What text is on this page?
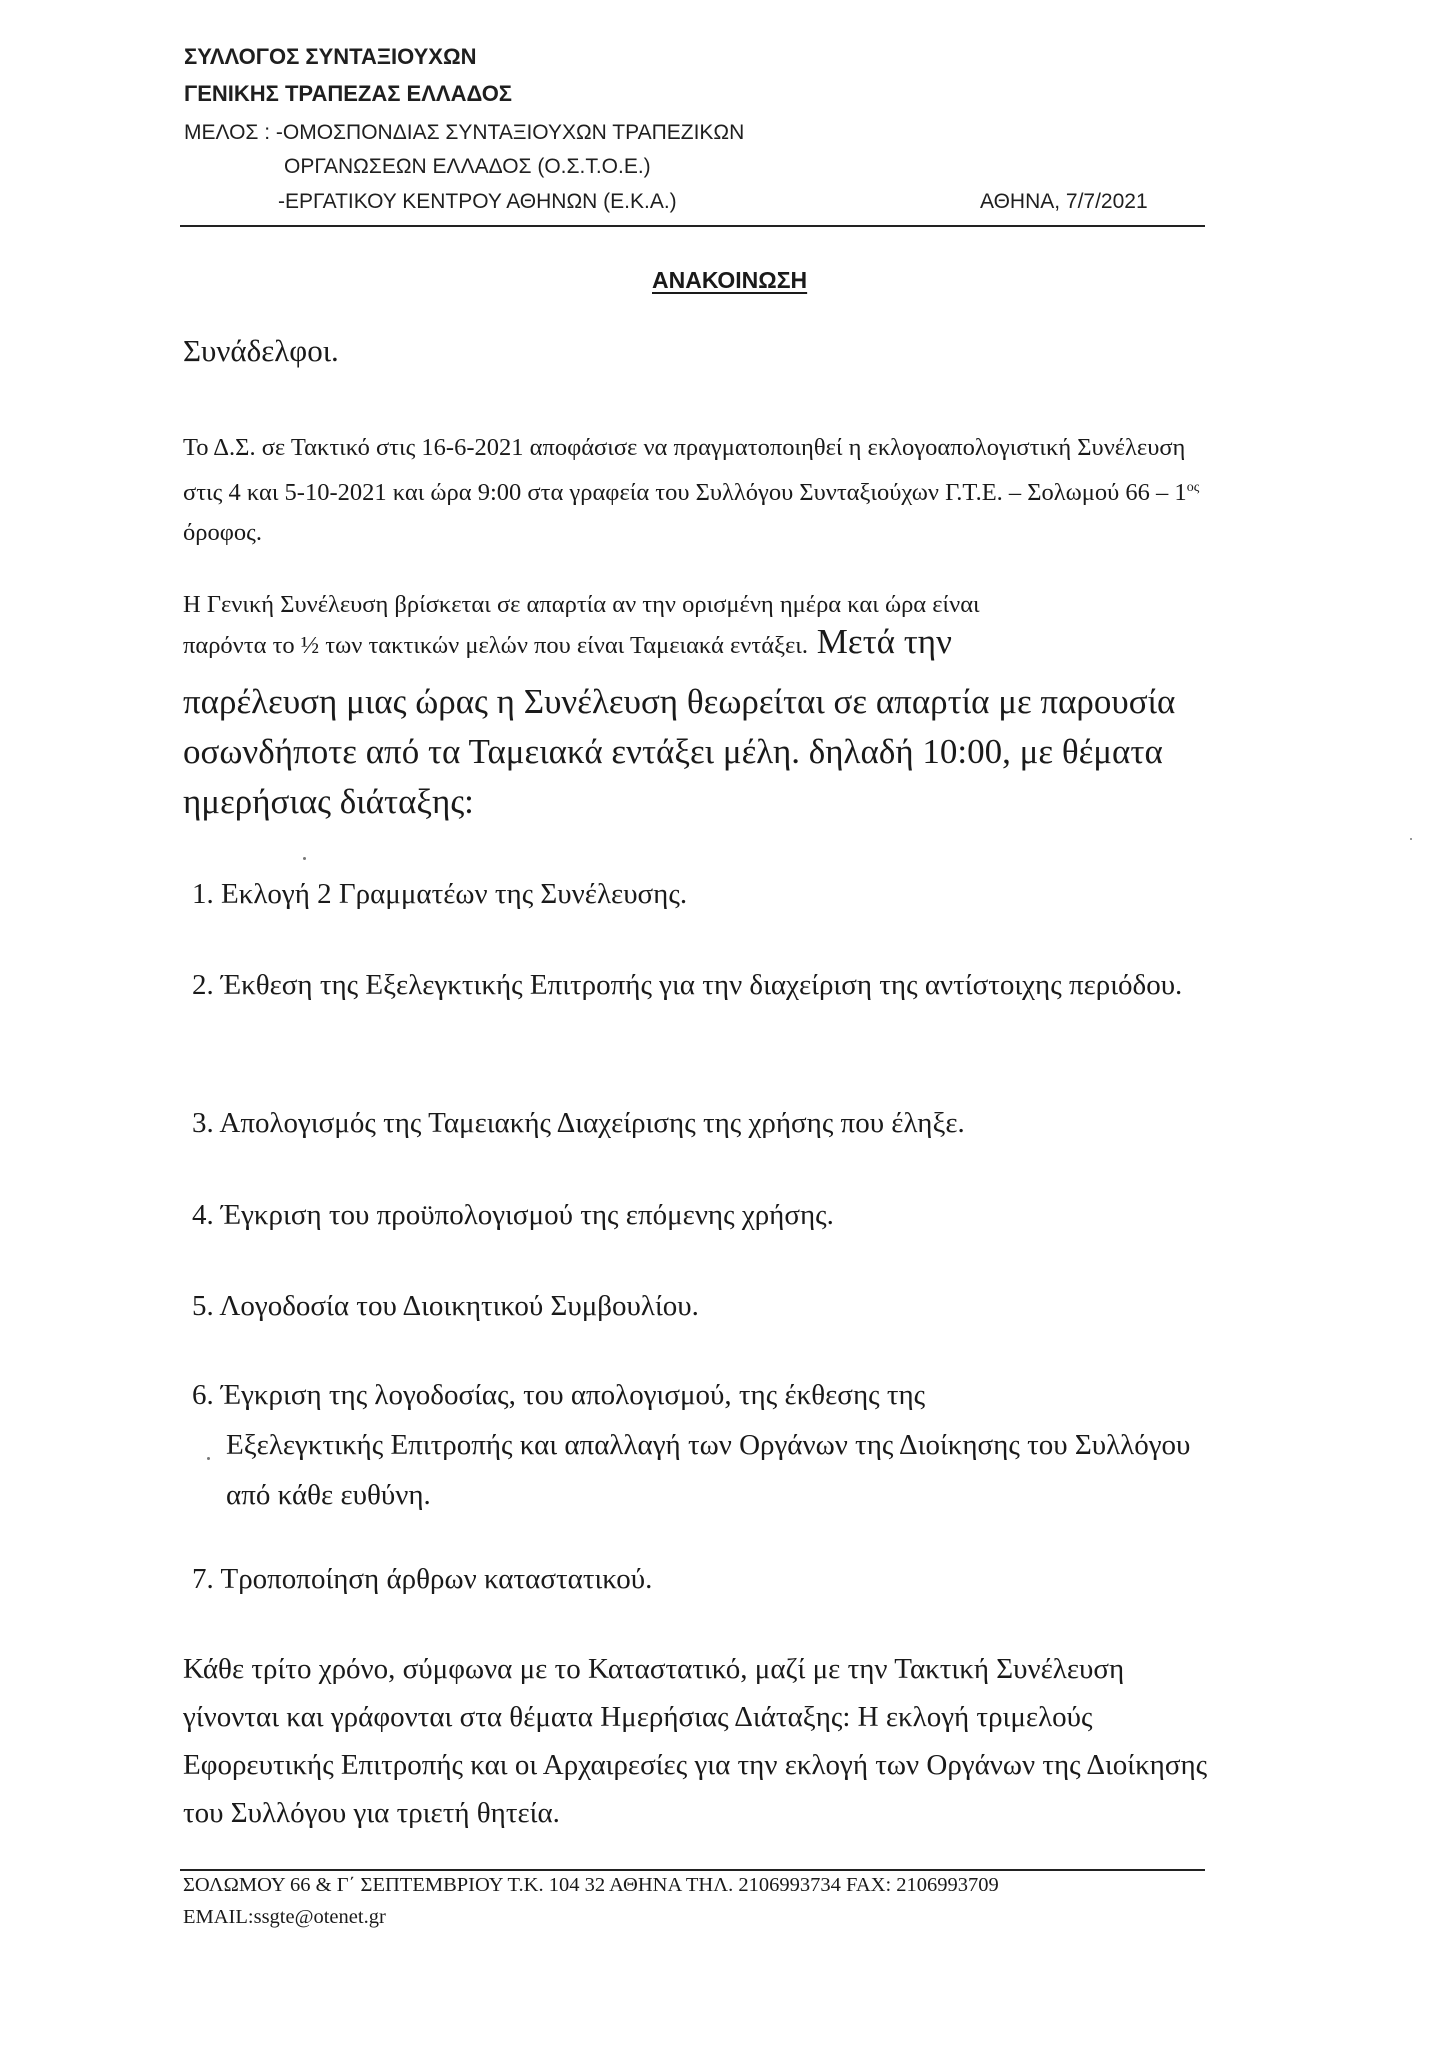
ΣΥΛΛΟΓΟΣ ΣΥΝΤΑΞΙΟΥΧΩΝ
ΓΕΝΙΚΗΣ ΤΡΑΠΕΖΑΣ ΕΛΛΑΔΟΣ
ΜΕΛΟΣ : -ΟΜΟΣΠΟΝΔΙΑΣ ΣΥΝΤΑΞΙΟΥΧΩΝ ΤΡΑΠΕΖΙΚΩΝ
ΟΡΓΑΝΩΣΕΩΝ ΕΛΛΑΔΟΣ (Ο.Σ.Τ.Ο.Ε.)
-ΕΡΓΑΤΙΚΟΥ ΚΕΝΤΡΟΥ ΑΘΗΝΩΝ (Ε.Κ.Α.)	ΑΘΗΝΑ, 7/7/2021
ΑΝΑΚΟΙΝΩΣΗ
Συνάδελφοι.
Το Δ.Σ. σε Τακτικό στις 16-6-2021 αποφάσισε να πραγματοποιηθεί η εκλογοαπολογιστική Συνέλευση στις 4 και 5-10-2021 και ώρα 9:00 στα γραφεία του Συλλόγου Συνταξιούχων Γ.Τ.Ε. – Σολωμού $66 - 1^{o\varsigma}$ όροφος.
Η Γενική Συνέλευση βρίσκεται σε απαρτία αν την ορισμένη ημέρα και ώρα είναι
παρόντα το ½ των τακτικών μελών που είναι Ταμειακά εντάξει. Μετά την
παρέλευση μιας ώρας η Συνέλευση θεωρείται σε απαρτία με παρουσία οσωνδήποτε από τα Ταμειακά εντάξει μέλη. δηλαδή 10:00, με θέματα ημερήσιας διάταξης:
1. Εκλογή 2 Γραμματέων της Συνέλευσης.
2. Έκθεση της Εξελεγκτικής Επιτροπής για την διαχείριση της αντίστοιχης περιόδου.
3. Απολογισμός της Ταμειακής Διαχείρισης της χρήσης που έληξε.
4. Έγκριση του προϋπολογισμού της επόμενης χρήσης.
5. Λογοδοσία του Διοικητικού Συμβουλίου.
6. Έγκριση της λογοδοσίας, του απολογισμού, της έκθεσης της
Εξελεγκτικής Επιτροπής και απαλλαγή των Οργάνων της Διοίκησης του Συλλόγου από κάθε ευθύνη.
7. Τροποποίηση άρθρων καταστατικού.
Κάθε τρίτο χρόνο, σύμφωνα με το Καταστατικό, μαζί με την Τακτική Συνέλευση γίνονται και γράφονται στα θέματα Ημερήσιας Διάταξης: Η εκλογή τριμελούς Εφορευτικής Επιτροπής και οι Αρχαιρεσίες για την εκλογή των Οργάνων της Διοίκησης του Συλλόγου για τριετή θητεία.
ΣΟΛΩΜΟΥ 66 & Γ΄ ΣΕΠΤΕΜΒΡΙΟΥ Τ.Κ. 104 32 ΑΘΗΝΑ ΤΗΛ. 2106993734 FAX: 2106993709
EMAIL:ssgte@otenet.gr
